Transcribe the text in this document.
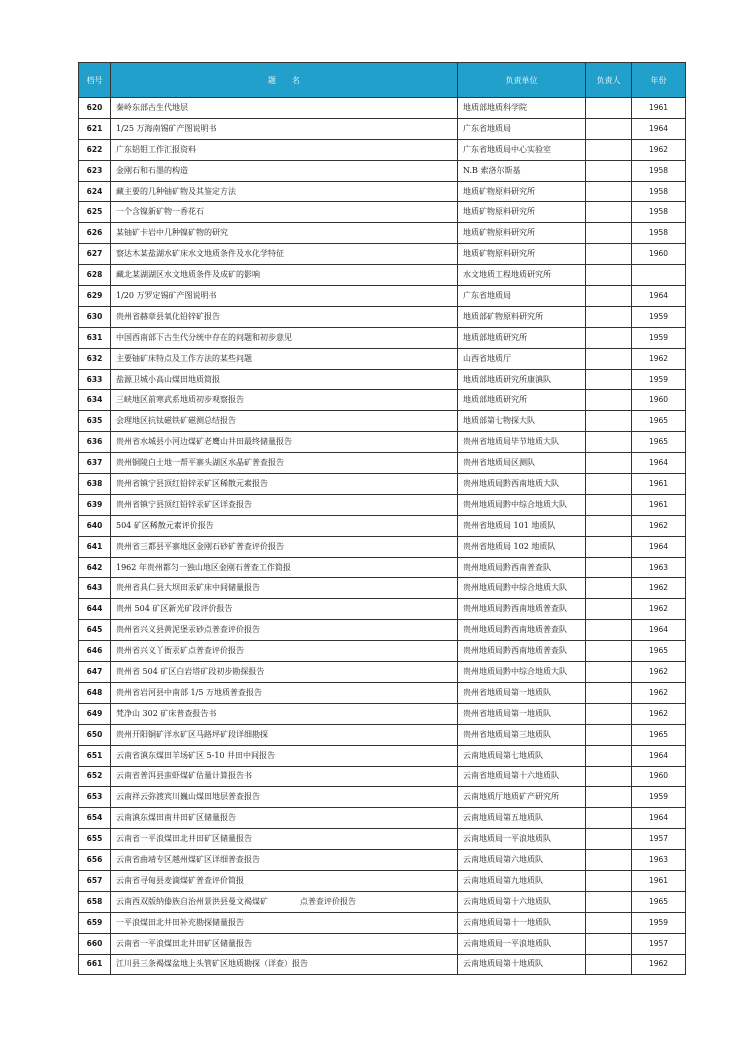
档号	题　　名	负责单位	负责人	年份
620	秦岭东部古生代地层	地质部地质科学院		1961
621	1/25 万海南锡矿产图说明书	广东省地质局		1964
622	广东铝钼工作汇报资料	广东省地质局中心实验室		1962
623	金刚石和石墨的构造	N.B 索洛尔斯基		1958
624	藏主要的几种铀矿物及其鉴定方法	地质矿物原料研究所		1958
625	一个含镍新矿物一香花石	地质矿物原料研究所		1958
626	某铀矿卡岩中几种镍矿物的研究	地质矿物原料研究所		1958
627	察达木某盐湖水矿床水文地质条件及水化学特征	地质矿物原料研究所		1960
628	藏北某湖湖区水文地质条件及成矿的影响	水文地质工程地质研究所		
629	1/20 万罗定锡矿产图说明书	广东省地质局		1964
630	贵州省赫章县氧化铅锌矿报告	地质部矿物原料研究所		1959
631	中国西南部下古生代分统中存在的问题和初步意见	地质部地质研究所		1959
632	主要铀矿床特点及工作方法的某些问题	山西省地质厅		1962
633	盐源卫城小高山煤田地质简报	地质部地质研究所康滇队		1959
634	三峡地区前寒武系地质初步观察报告	地质部地质研究所		1960
635	会理地区抗钛磁铁矿磁测总结报告	地质部第七物探大队		1965
636	贵州省水城县小河边煤矿老鹰山井田最终储量报告	贵州省地质局毕节地质大队		1965
637	贵州铜陵白土地一帮平寨头湖区水晶矿普查报告	贵州省地质局区测队		1964
638	贵州省镇宁县顶红铅锌汞矿区稀散元素报告	贵州地质局黔西南地质大队		1961
639	贵州省镇宁县顶红铅锌汞矿区详查报告	贵州地质局黔中综合地质大队		1961
640	504 矿区稀散元素评价报告	贵州省地质局 101 地质队		1962
641	贵州省三都县平寨地区金刚石砂矿普查评价报告	贵州省地质局 102 地质队		1964
642	1962 年贵州都匀一独山地区金刚石普查工作简报	贵州地质局黔西南普查队		1963
643	贵州省具仁县大坝田汞矿床中间储量报告	贵州地质局黔中综合地质大队		1962
644	贵州 504 矿区新光矿段评价报告	贵州地质局黔西南地质普查队		1962
645	贵州省兴义县黄泥堡汞砂点普查评价报告	贵州地质局黔西南地质普查队		1964
646	贵州省兴义丫衙汞矿点普查评价报告	贵州地质局黔西南地质普查队		1965
647	贵州省 504 矿区白岩塔矿段初步勘探报告	贵州地质局黔中综合地质大队		1962
648	贵州省岩河县中南部 1/5 万地质普查报告	贵州省地质局第一地质队		1962
649	梵净山 302 矿床普查报告书	贵州省地质局第一地质队		1962
650	贵州开阳铜矿洋水矿区马路坪矿段详细勘探	贵州省地质局第三地质队		1965
651	云南省滇东煤田羊场矿区 5-10 井田中间报告	云南地质局第七地质队		1964
652	云南省普洱县蛮虾煤矿估量计算报告书	云南省地质局第十六地质队		1960
653	云南祥云弥渡宾川巍山煤田地层普查报告	云南地质厅地质矿产研究所		1959
654	云南滇东煤田南井田矿区储量报告	云南地质局第五地质队		1964
655	云南省一平浪煤田北井田矿区储量报告	云南地质局一平浪地质队		1957
656	云南省曲靖专区越州煤矿区详细普查报告	云南地质局第六地质队		1963
657	云南省寻甸县麦滴煤矿普查评价简报	云南地质局第九地质队		1961
658	云南西双版纳傣族自治州景洪县曼文褐煤矿　　　　点普查评价报告	云南地质局第十六地质队		1965
659	一平浪煤田北井田补充勘探储量报告	云南地质局第十一地质队		1959
660	云南省一平浪煤田北井田矿区储量报告	云南地质局一平浪地质队		1957
661	江川县三条褐煤盆地上头管矿区地质勘探（详查）报告	云南地质局第十地质队		1962
